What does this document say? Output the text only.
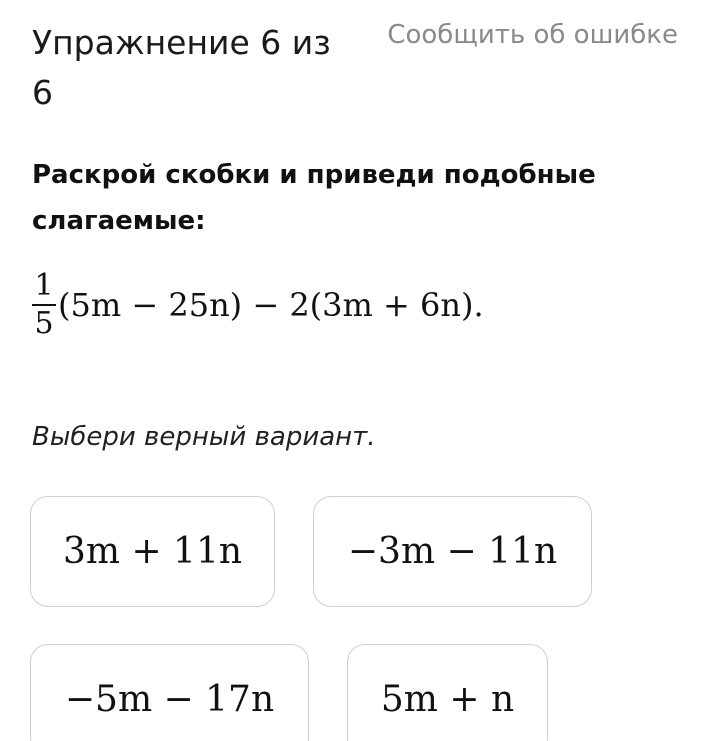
Упражнение 6 из 6
Сообщить об ошибке
Раскрой скобки и приведи подобные слагаемые:
$\frac{1}{5} (5m - 25n) - 2(3m + 6n)$.
Выбери верный вариант.
3m + 11n	−3m − 11n
−5m − 17n	5m + n
